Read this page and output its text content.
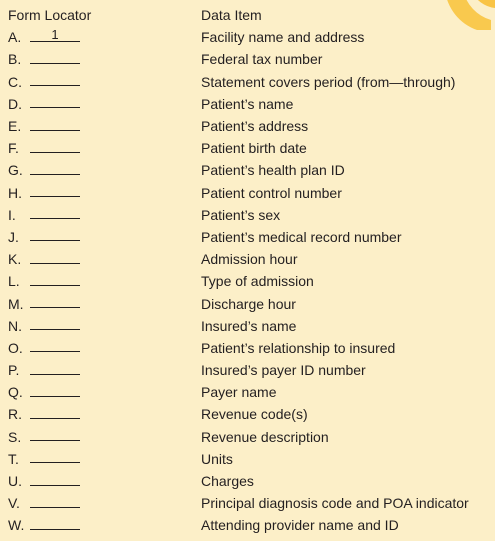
Form Locator	Data Item
A.	1	Facility name and address
B.	Federal tax number
C.	Statement covers period (from—through)
D.	Patient’s name
E.	Patient’s address
F.	Patient birth date
G.	Patient’s health plan ID
H.	Patient control number
I.	Patient’s sex
J.	Patient’s medical record number
K.	Admission hour
L.	Type of admission
M.	Discharge hour
N.	Insured’s name
O.	Patient’s relationship to insured
P.	Insured’s payer ID number
Q.	Payer name
R.	Revenue code(s)
S.	Revenue description
T.	Units
U.	Charges
V.	Principal diagnosis code and POA indicator
W.	Attending provider name and ID
